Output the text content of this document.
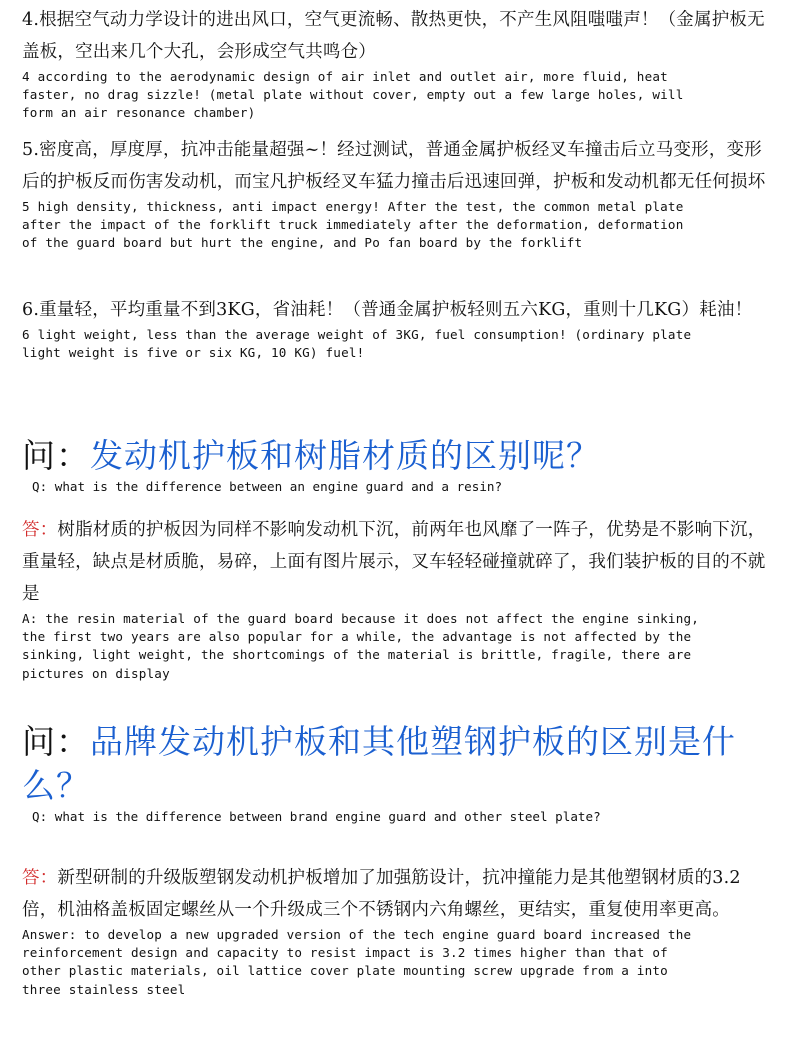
4.根据空气动力学设计的进出风口，空气更流畅、散热更快，不产生风阻嗤嗤声！（金属护板无盖板，空出来几个大孔，会形成空气共鸣仓）

4 according to the aerodynamic design of air inlet and outlet air, more fluid, heat
faster, no drag sizzle! (metal plate without cover, empty out a few large holes, will
form an air resonance chamber)

5.密度高，厚度厚，抗冲击能量超强~！经过测试，普通金属护板经叉车撞击后立马变形，变形后的护板反而伤害发动机，而宝凡护板经叉车猛力撞击后迅速回弹，护板和发动机都无任何损坏

5 high density, thickness, anti impact energy! After the test, the common metal plate
after the impact of the forklift truck immediately after the deformation, deformation
of the guard board but hurt the engine, and Po fan board by the forklift

6.重量轻，平均重量不到3KG，省油耗！（普通金属护板轻则五六KG，重则十几KG）耗油！

6 light weight, less than the average weight of 3KG, fuel consumption! (ordinary plate
light weight is five or six KG, 10 KG) fuel!

问：发动机护板和树脂材质的区别呢？

Q: what is the difference between an engine guard and a resin?

答：树脂材质的护板因为同样不影响发动机下沉，前两年也风靡了一阵子，优势是不影响下沉，重量轻，缺点是材质脆，易碎，上面有图片展示，叉车轻轻碰撞就碎了，我们装护板的目的不就是

A: the resin material of the guard board because it does not affect the engine sinking,
the first two years are also popular for a while, the advantage is not affected by the
sinking, light weight, the shortcomings of the material is brittle, fragile, there are
pictures on display

问：品牌发动机护板和其他塑钢护板的区别是什么？

Q: what is the difference between brand engine guard and other steel plate?

答：新型研制的升级版塑钢发动机护板增加了加强筋设计，抗冲撞能力是其他塑钢材质的3.2倍，机油格盖板固定螺丝从一个升级成三个不锈钢内六角螺丝，更结实，重复使用率更高。

Answer: to develop a new upgraded version of the tech engine guard board increased the
reinforcement design and capacity to resist impact is 3.2 times higher than that of
other plastic materials, oil lattice cover plate mounting screw upgrade from a into
three stainless steel
